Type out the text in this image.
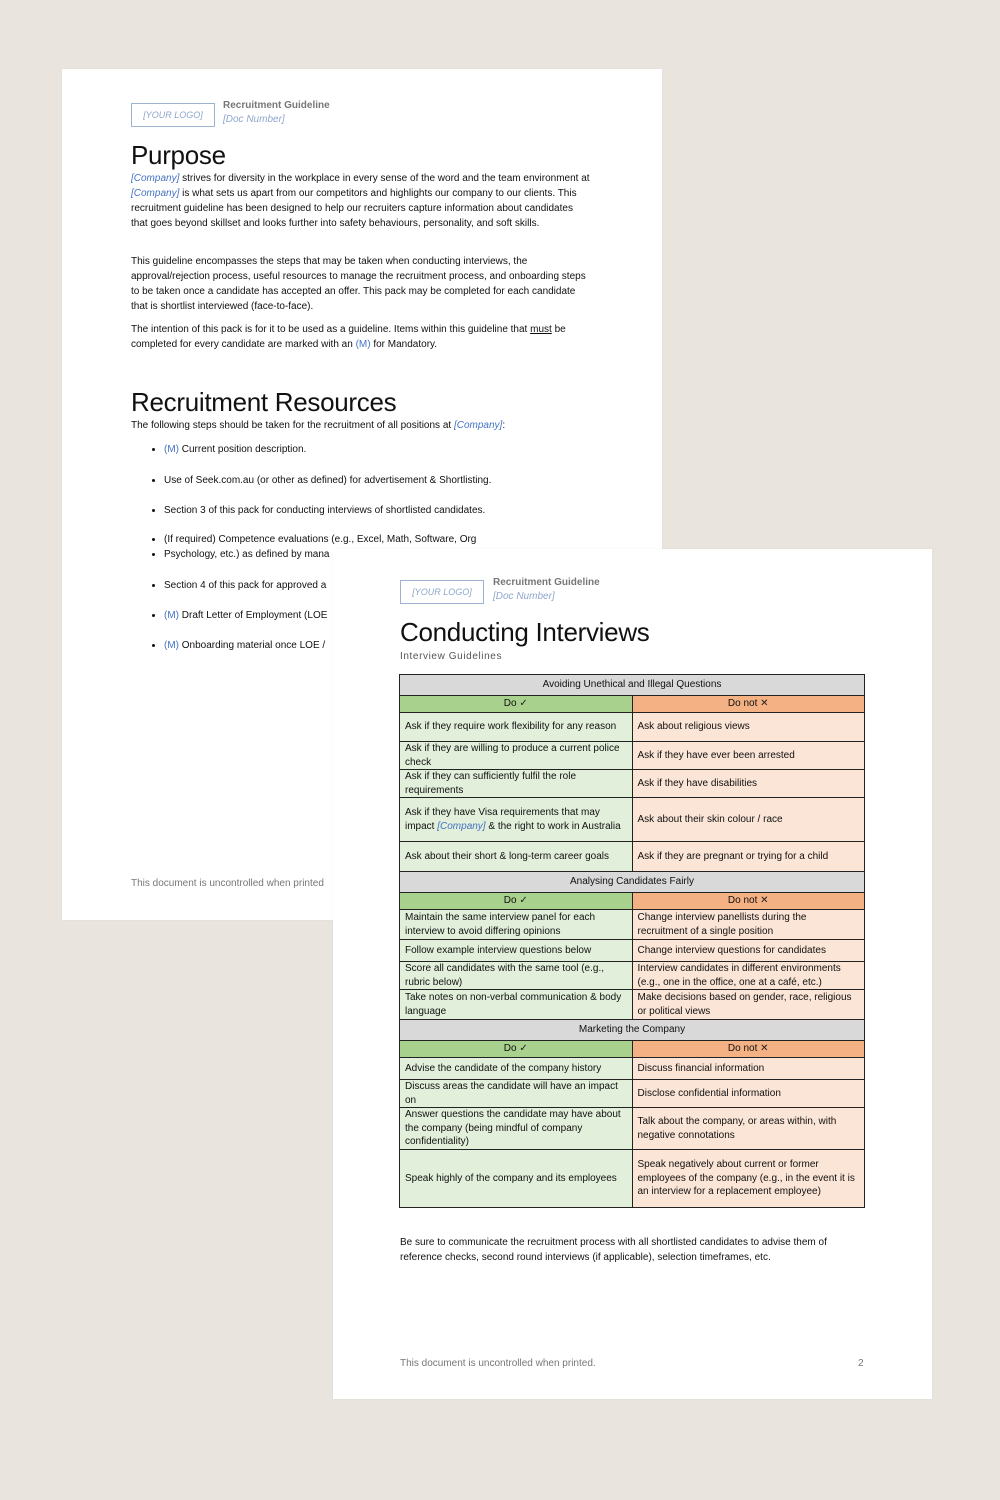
[YOUR LOGO]
Recruitment Guideline
[Doc Number]
Purpose

[Company] strives for diversity in the workplace in every sense of the word and the team environment at [Company] is what sets us apart from our competitors and highlights our company to our clients. This recruitment guideline has been designed to help our recruiters capture information about candidates that goes beyond skillset and looks further into safety behaviours, personality, and soft skills.

This guideline encompasses the steps that may be taken when conducting interviews, the approval/rejection process, useful resources to manage the recruitment process, and onboarding steps to be taken once a candidate has accepted an offer. This pack may be completed for each candidate that is shortlist interviewed (face-to-face).

The intention of this pack is for it to be used as a guideline. Items within this guideline that must be completed for every candidate are marked with an (M) for Mandatory.

Recruitment Resources

The following steps should be taken for the recruitment of all positions at [Company]:

• (M) Current position description.
• Use of Seek.com.au (or other as defined) for advertisement & Shortlisting.
• Section 3 of this pack for conducting interviews of shortlisted candidates.
• (If required) Competence evaluations (e.g., Excel, Math, Software, Org
• Psychology, etc.) as defined by mana
• Section 4 of this pack for approved a
• (M) Draft Letter of Employment (LOE
• (M) Onboarding material once LOE /
This document is uncontrolled when printed
[YOUR LOGO]
Recruitment Guideline
[Doc Number]
Conducting Interviews
Interview Guidelines
Avoiding Unethical and Illegal Questions	
Do ✓	Do not ✕
Ask if they require work flexibility for any reason	Ask about religious views
Ask if they are willing to produce a current police check	Ask if they have ever been arrested
Ask if they can sufficiently fulfil the role requirements	Ask if they have disabilities
Ask if they have Visa requirements that may impact [Company] & the right to work in Australia	Ask about their skin colour / race
Ask about their short & long-term career goals	Ask if they are pregnant or trying for a child
Analysing Candidates Fairly	
Do ✓	Do not ✕
Maintain the same interview panel for each interview to avoid differing opinions	Change interview panellists during the recruitment of a single position
Follow example interview questions below	Change interview questions for candidates
Score all candidates with the same tool (e.g., rubric below)	Interview candidates in different environments (e.g., one in the office, one at a café, etc.)
Take notes on non-verbal communication & body language	Make decisions based on gender, race, religious or political views
Marketing the Company	
Do ✓	Do not ✕
Advise the candidate of the company history	Discuss financial information
Discuss areas the candidate will have an impact on	Disclose confidential information
Answer questions the candidate may have about the company (being mindful of company confidentiality)	Talk about the company, or areas within, with negative connotations
Speak highly of the company and its employees	Speak negatively about current or former employees of the company (e.g., in the event it is an interview for a replacement employee)

Be sure to communicate the recruitment process with all shortlisted candidates to advise them of reference checks, second round interviews (if applicable), selection timeframes, etc.

This document is uncontrolled when printed.	2
